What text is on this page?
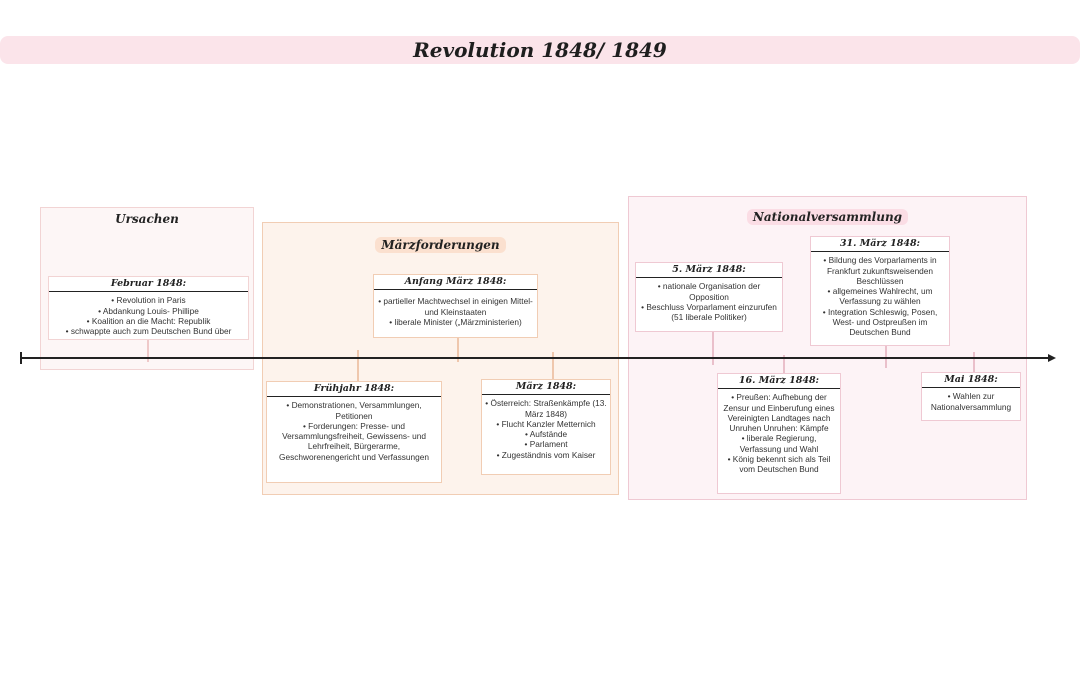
Revolution 1848/ 1849
Ursachen
Februar 1848:
• Revolution in Paris
• Abdankung Louis- Phillipe
• Koalition an die Macht: Republik
• schwappte auch zum Deutschen Bund über
Märzforderungen
Anfang März 1848:
• partieller Machtwechsel in einigen Mittel- und Kleinstaaten
• liberale Minister („Märzministerien)
Frühjahr 1848:
• Demonstrationen, Versammlungen, Petitionen
• Forderungen: Presse- und Versammlungsfreiheit, Gewissens- und Lehrfreiheit, Bürgerarme, Geschworenengericht und Verfassungen
März 1848:
• Österreich: Straßenkämpfe (13. März 1848)
• Flucht Kanzler Metternich
• Aufstände
• Parlament
• Zugeständnis vom Kaiser
Nationalversammlung
5. März 1848:
• nationale Organisation der Opposition
• Beschluss Vorparlament einzurufen (51 liberale Politiker)
31. März 1848:
• Bildung des Vorparlaments in Frankfurt zukunftsweisenden Beschlüssen
• allgemeines Wahlrecht, um Verfassung zu wählen
• Integration Schleswig, Posen, West- und Ostpreußen im Deutschen Bund
16. März 1848:
• Preußen: Aufhebung der Zensur und Einberufung eines Vereinigten Landtages nach Unruhen Unruhen: Kämpfe
• liberale Regierung, Verfassung und Wahl
• König bekennt sich als Teil vom Deutschen Bund
Mai 1848:
• Wahlen zur Nationalversammlung
